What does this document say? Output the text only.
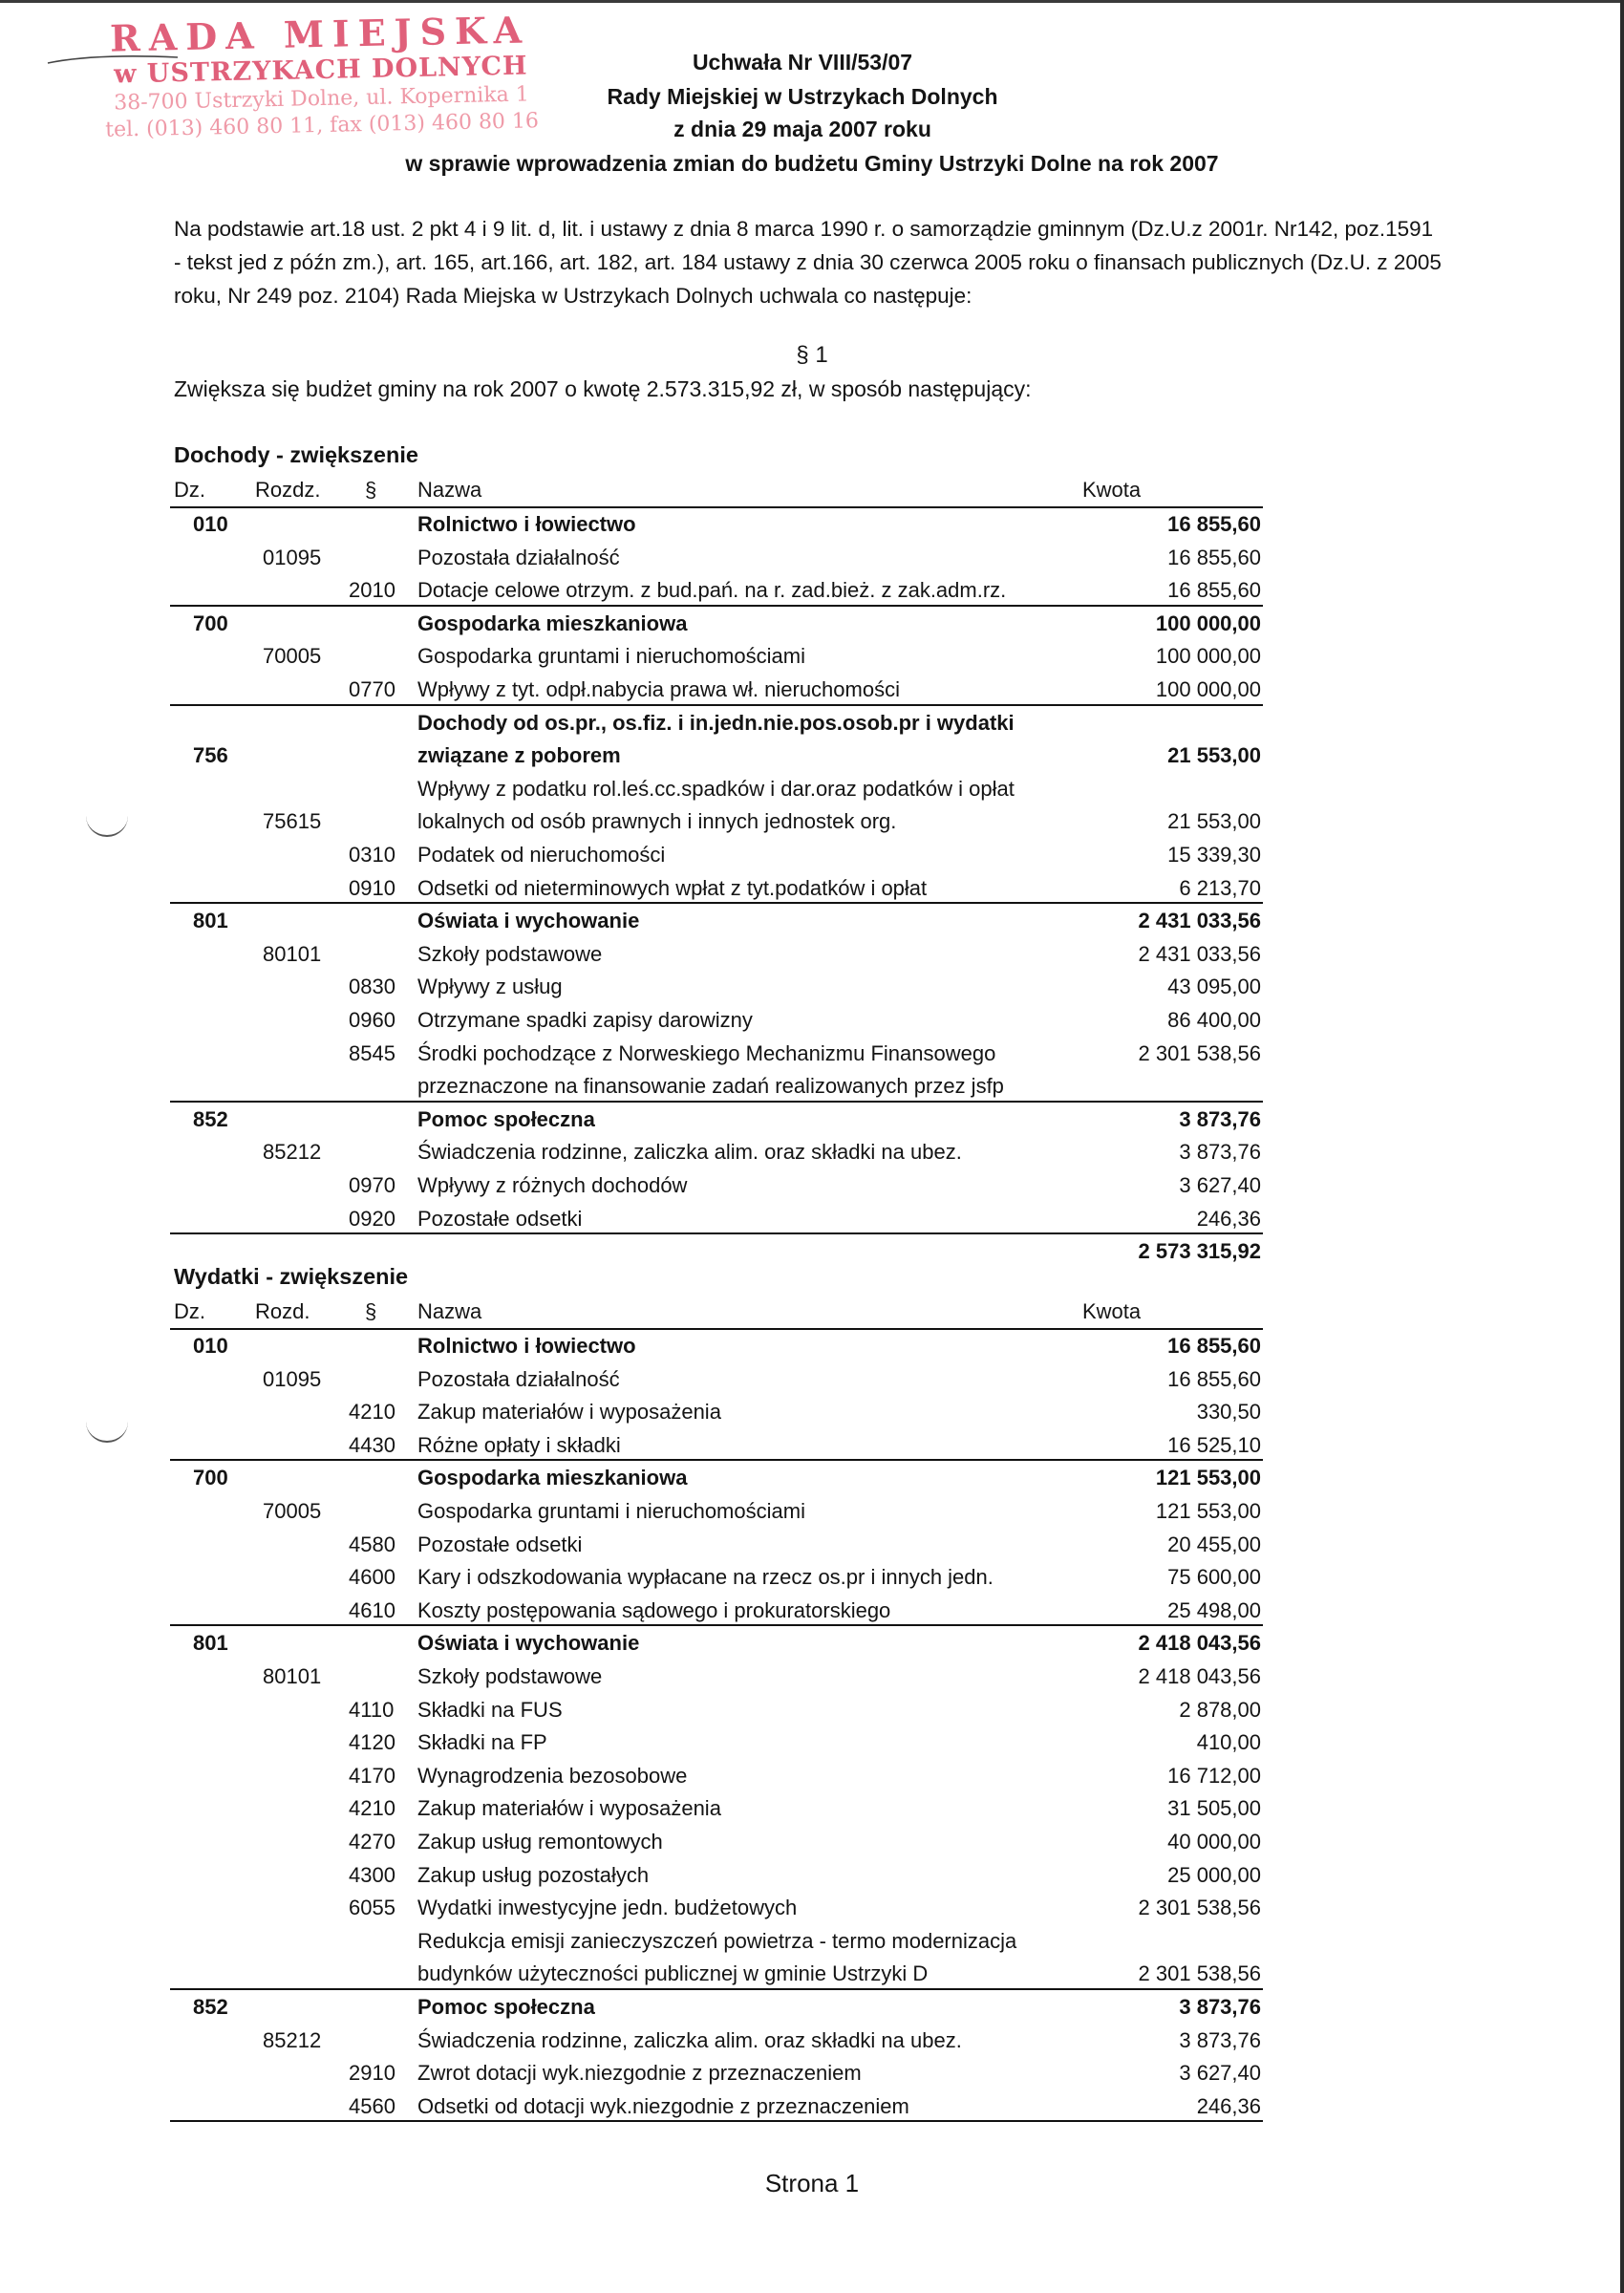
RADA MIEJSKA
w USTRZYKACH DOLNYCH
38-700 Ustrzyki Dolne, ul. Kopernika 1
tel. (013) 460 80 11, fax (013) 460 80 16
Uchwała Nr VIII/53/07
Rady Miejskiej w Ustrzykach Dolnych
z dnia 29 maja 2007 roku
w sprawie wprowadzenia zmian do budżetu Gminy Ustrzyki Dolne na rok 2007
Na podstawie art.18 ust. 2 pkt 4 i 9 lit. d, lit. i ustawy z dnia 8 marca 1990 r. o samorządzie gminnym (Dz.U.z 2001r. Nr142, poz.1591 - tekst jed z późn zm.), art. 165, art.166, art. 182, art. 184 ustawy z dnia 30 czerwca 2005 roku o finansach publicznych (Dz.U. z 2005 roku, Nr 249 poz. 2104) Rada Miejska w Ustrzykach Dolnych uchwala co następuje:
§ 1
Zwiększa się budżet gminy na rok 2007 o kwotę 2.573.315,92 zł, w sposób następujący:
Dochody - zwiększenie
Dz. Rozdz. § Nazwa	Kwota
010	Rolnictwo i łowiectwo	16 855,60
01095	Pozostała działalność	16 855,60
2010 Dotacje celowe otrzym. z bud.pań. na r. zad.bież. z zak.adm.rz.	16 855,60
700	Gospodarka mieszkaniowa	100 000,00
70005	Gospodarka gruntami i nieruchomościami	100 000,00
0770 Wpływy z tyt. odpł.nabycia prawa wł. nieruchomości	100 000,00
Dochody od os.pr., os.fiz. i in.jedn.nie.pos.osob.pr i wydatki
756	związane z poborem	21 553,00
Wpływy z podatku rol.leś.cc.spadków i dar.oraz podatków i opłat
75615	lokalnych od osób prawnych i innych jednostek org.	21 553,00
0310 Podatek od nieruchomości	15 339,30
0910 Odsetki od nieterminowych wpłat z tyt.podatków i opłat	6 213,70
801	Oświata i wychowanie	2 431 033,56
80101	Szkoły podstawowe	2 431 033,56
0830 Wpływy z usług	43 095,00
0960 Otrzymane spadki zapisy darowizny	86 400,00
8545 Środki pochodzące z Norweskiego Mechanizmu Finansowego	2 301 538,56
przeznaczone na finansowanie zadań realizowanych przez jsfp
852	Pomoc społeczna	3 873,76
85212	Świadczenia rodzinne, zaliczka alim. oraz składki na ubez.	3 873,76
0970 Wpływy z różnych dochodów	3 627,40
0920 Pozostałe odsetki	246,36
2 573 315,92
Wydatki - zwiększenie
Dz. Rozd.	§ Nazwa	Kwota
010	Rolnictwo i łowiectwo	16 855,60
01095	Pozostała działalność	16 855,60
4210 Zakup materiałów i wyposażenia	330,50
4430 Różne opłaty i składki	16 525,10
700	Gospodarka mieszkaniowa	121 553,00
70005	Gospodarka gruntami i nieruchomościami	121 553,00
4580 Pozostałe odsetki	20 455,00
4600 Kary i odszkodowania wypłacane na rzecz os.pr i innych jedn.	75 600,00
4610 Koszty postępowania sądowego i prokuratorskiego	25 498,00
801	Oświata i wychowanie	2 418 043,56
80101	Szkoły podstawowe	2 418 043,56
4110 Składki na FUS	2 878,00
4120 Składki na FP	410,00
4170 Wynagrodzenia bezosobowe	16 712,00
4210 Zakup materiałów i wyposażenia	31 505,00
4270 Zakup usług remontowych	40 000,00
4300 Zakup usług pozostałych	25 000,00
6055 Wydatki inwestycyjne jedn. budżetowych	2 301 538,56
Redukcja emisji zanieczyszczeń powietrza - termo modernizacja
budynków użyteczności publicznej w gminie Ustrzyki D	2 301 538,56
852	Pomoc społeczna	3 873,76
85212	Świadczenia rodzinne, zaliczka alim. oraz składki na ubez.	3 873,76
2910 Zwrot dotacji wyk.niezgodnie z przeznaczeniem	3 627,40
4560 Odsetki od dotacji wyk.niezgodnie z przeznaczeniem	246,36
Strona 1
